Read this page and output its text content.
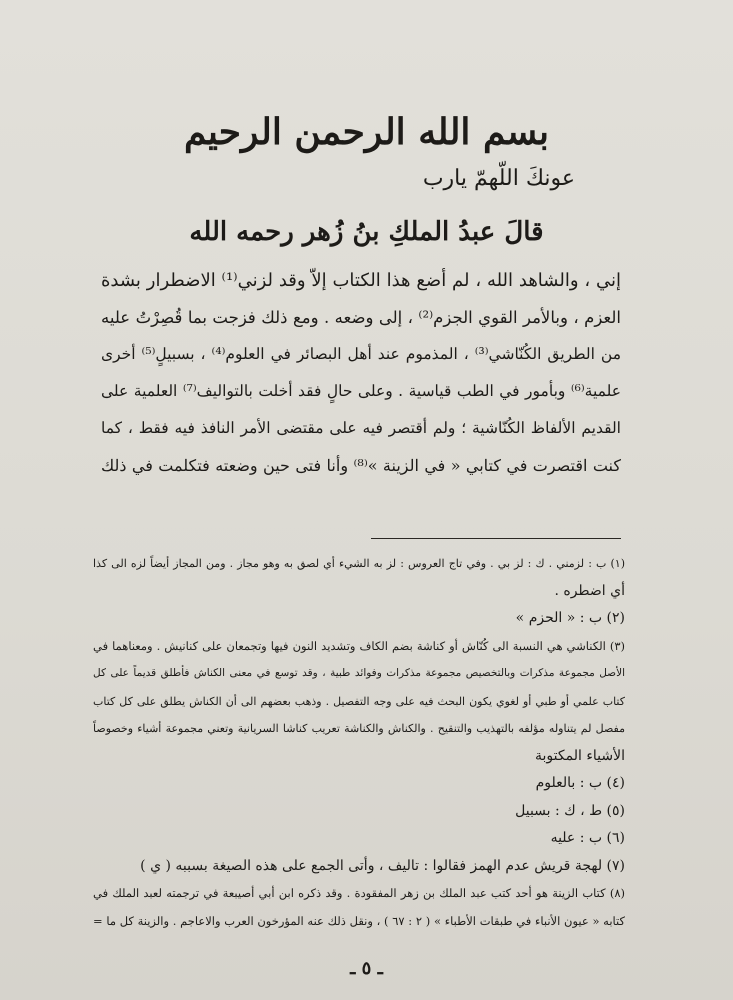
بسم الله الرحمن الرحيم
عونكَ اللّهمّ يارب
قالَ عبدُ الملكِ بنُ زُهر رحمه الله
إني ، والشاهد الله ، لم أضع هذا الكتاب إلاّ وقد لزني⁽¹⁾ الاضطرار بشدة
العزم ، وبالأمر القوي الجزم⁽²⁾ ، إلى وضعه . ومع ذلك فزجت بما قُصِرْتُ عليه
من الطريق الكُنّاشي⁽³⁾ ، المذموم عند أهل البصائر في العلوم⁽⁴⁾ ، بسبيلٍ⁽⁵⁾ أخرى
علمية⁽⁶⁾ وبأمور في الطب قياسية . وعلى حالٍ فقد أخلت بالتواليف⁽⁷⁾ العلمية على
القديم الألفاظ الكُنّاشية ؛ ولم أقتصر فيه على مقتضى الأمر النافذ فيه فقط ، كما
كنت اقتصرت في كتابي « في الزينة »⁽⁸⁾ وأنا فتى حين وضعته فتكلمت في ذلك
(١) ب : لزمني . ك : لز بي . وفي تاج العروس : لز به الشيء أي لصق به وهو مجاز . ومن المجاز أيضاً لزه الى كذا
أي اضطره .
(٢) ب : « الحزم »
(٣) الكناشي هي النسبة الى كُنّاش أو كناشة بضم الكاف وتشديد النون فيها وتجمعان على كنانيش . ومعناهما في
الأصل مجموعة مذكرات وبالتخصيص مجموعة مذكرات وفوائد طبية ، وقد توسع في معنى الكناش فأطلق قديماً على كل
كتاب علمي أو طبي أو لغوي يكون البحث فيه على وجه التفصيل . وذهب بعضهم الى أن الكناش يطلق على كل كتاب
مفصل لم يتناوله مؤلفه بالتهذيب والتنقيح . والكناش والكناشة تعريب كناشا السريانية وتعني مجموعة أشياء وخصوصاً
الأشياء المكتوبة
(٤) ب : بالعلوم
(٥) ط ، ك : بسبيل
(٦) ب : عليه
(٧) لهجة قريش عدم الهمز فقالوا : تاليف ، وأتى الجمع على هذه الصيغة بسببه ( ي )
(٨) كتاب الزينة هو أحد كتب عبد الملك بن زهر المفقودة . وقد ذكره ابن أبي أصيبعة في ترجمته لعبد الملك في
كتابه « عيون الأنباء في طبقات الأطباء » ( ٢ : ٦٧ ) ، ونقل ذلك عنه المؤرخون العرب والاعاجم . والزينة كل ما =
ـ ٥ ـ
